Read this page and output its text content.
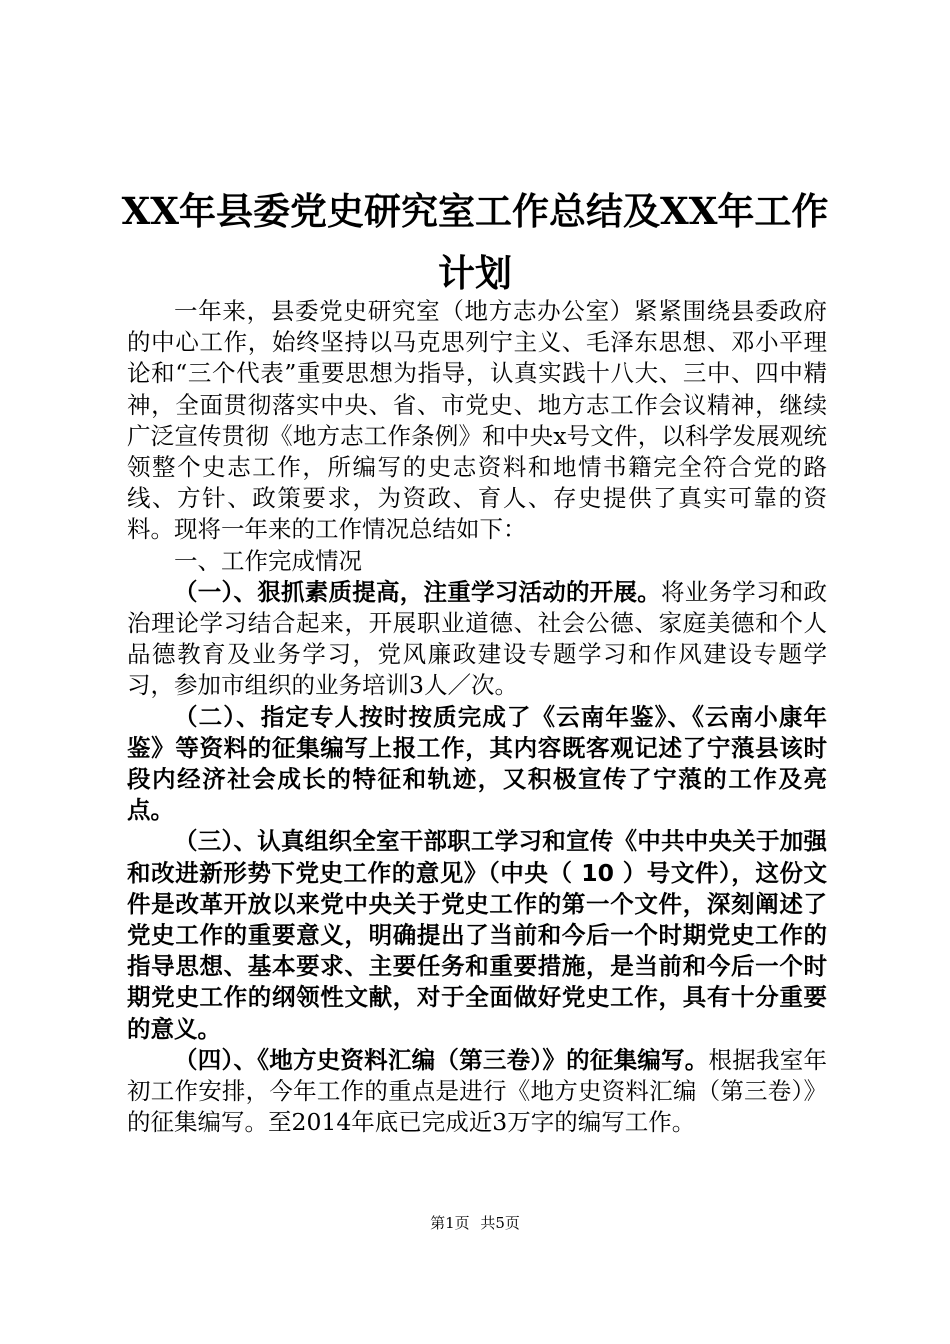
XX年县委党史研究室工作总结及XX年工作计划

一年来，县委党史研究室（地方志办公室）紧紧围绕县委政府的中心工作，始终坚持以马克思列宁主义、毛泽东思想、邓小平理论和“三个代表”重要思想为指导，认真实践十八大、三中、四中精神，全面贯彻落实中央、省、市党史、地方志工作会议精神，继续广泛宣传贯彻《地方志工作条例》和中央x号文件，以科学发展观统领整个史志工作，所编写的史志资料和地情书籍完全符合党的路线、方针、政策要求，为资政、育人、存史提供了真实可靠的资料。现将一年来的工作情况总结如下：

一、工作完成情况

（一）、狠抓素质提高，注重学习活动的开展。将业务学习和政治理论学习结合起来，开展职业道德、社会公德、家庭美德和个人品德教育及业务学习，党风廉政建设专题学习和作风建设专题学习，参加市组织的业务培训3人／次。

（二）、指定专人按时按质完成了《云南年鉴》、《云南小康年鉴》等资料的征集编写上报工作，其内容既客观记述了宁蒗县该时段内经济社会成长的特征和轨迹，又积极宣传了宁蒗的工作及亮点。

（三）、认真组织全室干部职工学习和宣传《中共中央关于加强和改进新形势下党史工作的意见》（中央（ 10 ）号文件），这份文件是改革开放以来党中央关于党史工作的第一个文件，深刻阐述了党史工作的重要意义，明确提出了当前和今后一个时期党史工作的指导思想、基本要求、主要任务和重要措施，是当前和今后一个时期党史工作的纲领性文献，对于全面做好党史工作，具有十分重要的意义。

（四）、《地方史资料汇编（第三卷）》的征集编写。根据我室年初工作安排，今年工作的重点是进行《地方史资料汇编（第三卷）》的征集编写。至2014年底已完成近3万字的编写工作。

第1页 共5页
